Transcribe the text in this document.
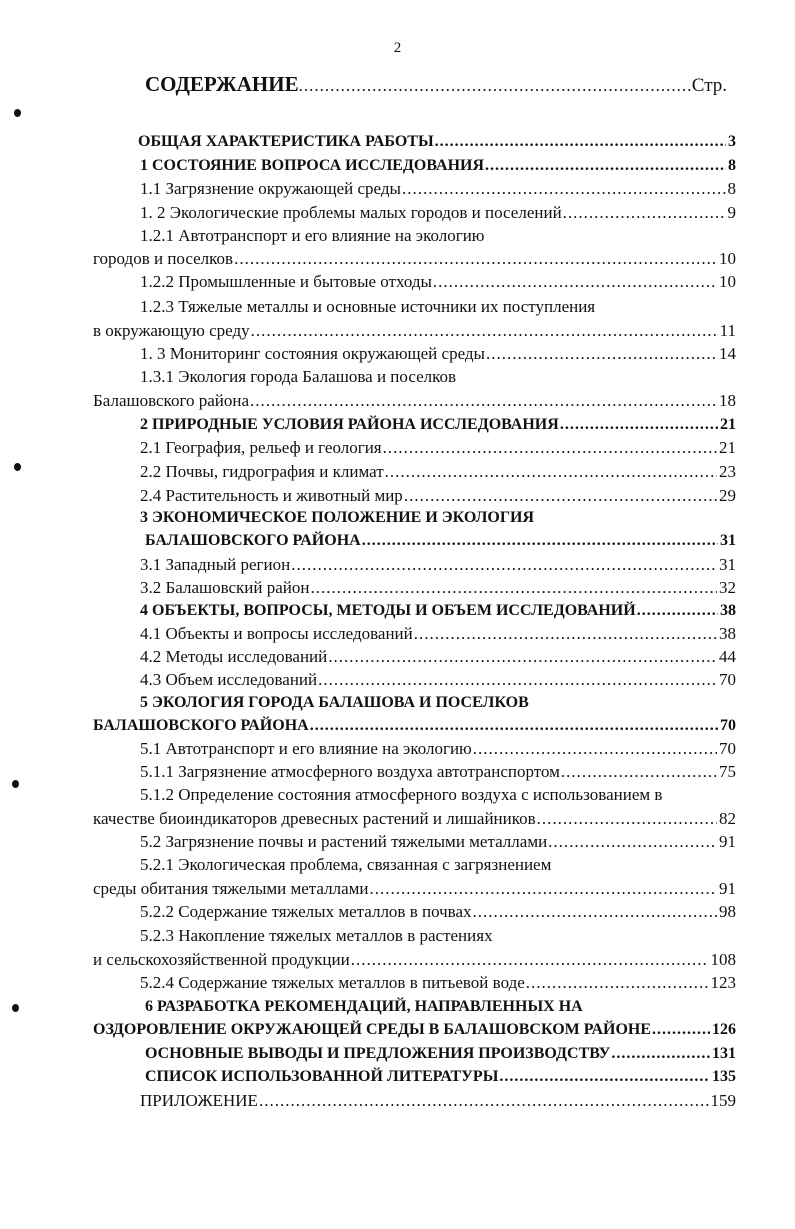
2
СОДЕРЖАНИЕ .....	Стр.
ОБЩАЯ ХАРАКТЕРИСТИКА РАБОТЫ .....	3
1 СОСТОЯНИЕ ВОПРОСА ИССЛЕДОВАНИЯ .....	8
1.1 Загрязнение окружающей среды .....	8
1. 2 Экологические проблемы малых городов и поселений .....	9
1.2.1 Автотранспорт и его влияние на экологию
городов и поселков .....	10
1.2.2 Промышленные и бытовые отходы .....	10
1.2.3 Тяжелые металлы и основные источники их поступления
в окружающую среду .....	11
1. 3 Мониторинг состояния окружающей среды .....	14
1.3.1 Экология города Балашова и поселков
Балашовского района .....	18
2 ПРИРОДНЫЕ УСЛОВИЯ РАЙОНА ИССЛЕДОВАНИЯ .....	21
2.1 География, рельеф и геология .....	21
2.2 Почвы, гидрография и климат .....	23
2.4 Растительность и животный мир .....	29
3 ЭКОНОМИЧЕСКОЕ ПОЛОЖЕНИЕ И ЭКОЛОГИЯ
БАЛАШОВСКОГО РАЙОНА .....	31
3.1 Западный регион .....	31
3.2 Балашовский район .....	32
4 ОБЪЕКТЫ, ВОПРОСЫ, МЕТОДЫ И ОБЪЕМ ИССЛЕДОВАНИЙ .....	38
4.1 Объекты и вопросы исследований .....	38
4.2 Методы исследований .....	44
4.3 Объем исследований .....	70
5 ЭКОЛОГИЯ ГОРОДА БАЛАШОВА И ПОСЕЛКОВ
БАЛАШОВСКОГО РАЙОНА .....	70
5.1 Автотранспорт и его влияние на экологию .....	70
5.1.1 Загрязнение атмосферного воздуха автотранспортом .....	75
5.1.2 Определение состояния атмосферного воздуха с использованием в
качестве биоиндикаторов древесных растений и лишайников .....	82
5.2 Загрязнение почвы и растений тяжелыми металлами .....	91
5.2.1 Экологическая проблема, связанная с загрязнением
среды обитания тяжелыми металлами .....	91
5.2.2 Содержание тяжелых металлов в почвах .....	98
5.2.3 Накопление тяжелых металлов в растениях
и сельскохозяйственной продукции .....	108
5.2.4 Содержание тяжелых металлов в питьевой воде .....	123
6 РАЗРАБОТКА РЕКОМЕНДАЦИЙ, НАПРАВЛЕННЫХ НА
ОЗДОРОВЛЕНИЕ ОКРУЖАЮЩЕЙ СРЕДЫ В БАЛАШОВСКОМ РАЙОНЕ .....	126
ОСНОВНЫЕ ВЫВОДЫ И ПРЕДЛОЖЕНИЯ ПРОИЗВОДСТВУ .....	131
СПИСОК ИСПОЛЬЗОВАННОЙ ЛИТЕРАТУРЫ .....	135
ПРИЛОЖЕНИЕ .....	159
